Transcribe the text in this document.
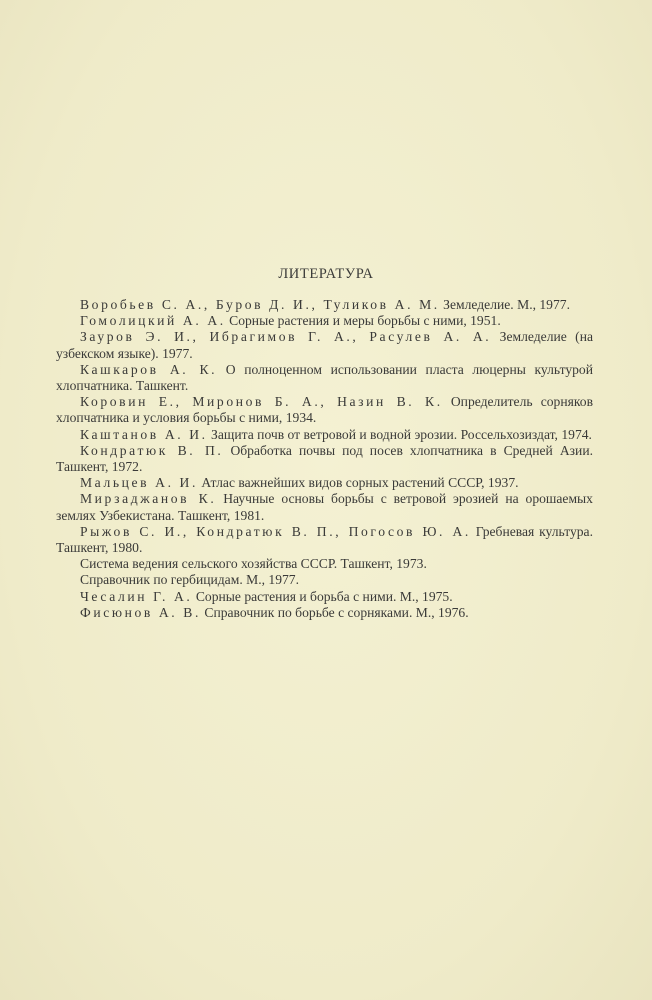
ЛИТЕРАТУРА

Воробьев С. А., Буров Д. И., Туликов А. М. Земледелие. М., 1977.

Гомолицкий А. А. Сорные растения и меры борьбы с ними, 1951.

Зауров Э. И., Ибрагимов Г. А., Расулев А. А. Земледелие (на узбекском языке). 1977.

Кашкаров А. К. О полноценном использовании пласта люцерны культурой хлопчатника. Ташкент.

Коровин Е., Миронов Б. А., Назин В. К. Определитель сорняков хлопчатника и условия борьбы с ними, 1934.

Каштанов А. И. Защита почв от ветровой и водной эрозии. Россельхозиздат, 1974.

Кондратюк В. П. Обработка почвы под посев хлопчатника в Средней Азии. Ташкент, 1972.

Мальцев А. И. Атлас важнейших видов сорных растений СССР, 1937.

Мирзаджанов К. Научные основы борьбы с ветровой эрозией на орошаемых землях Узбекистана. Ташкент, 1981.

Рыжов С. И., Кондратюк В. П., Погосов Ю. А. Гребневая культура. Ташкент, 1980.

Система ведения сельского хозяйства СССР. Ташкент, 1973.

Справочник по гербицидам. М., 1977.

Чесалин Г. А. Сорные растения и борьба с ними. М., 1975.

Фисюнов А. В. Справочник по борьбе с сорняками. М., 1976.
